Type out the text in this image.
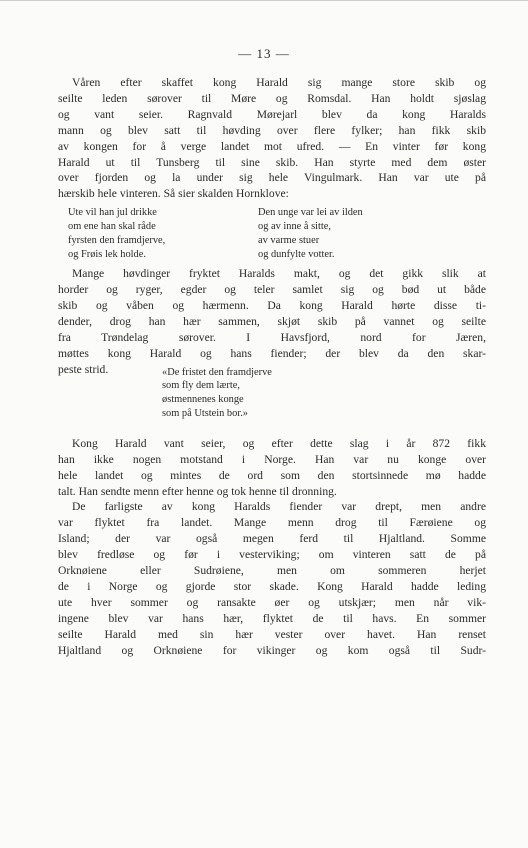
— 13 —
Våren efter skaffet kong Harald sig mange store skib og
seilte leden sørover til Møre og Romsdal. Han holdt sjøslag
og vant seier. Ragnvald Mørejarl blev da kong Haralds
mann og blev satt til høvding over flere fylker; han fikk skib
av kongen for å verge landet mot ufred. — En vinter før kong
Harald ut til Tunsberg til sine skib. Han styrte med dem øster
over fjorden og la under sig hele Vingulmark. Han var ute på
hærskib hele vinteren. Så sier skalden Hornklove:
Ute vil han jul drikke
om ene han skal råde
fyrsten den framdjerve,
og Frøis lek holde.
Den unge var lei av ilden
og av inne å sitte,
av varme stuer
og dunfylte votter.
Mange høvdinger fryktet Haralds makt, og det gikk slik at
horder og ryger, egder og teler samlet sig og bød ut både
skib og våben og hærmenn. Da kong Harald hørte disse ti-
dender, drog han hær sammen, skjøt skib på vannet og seilte
fra Trøndelag sørover. I Havsfjord, nord for Jæren,
møttes kong Harald og hans fiender; der blev da den skar-
peste strid.	«De fristet den framdjerve
som fly dem lærte,
østmennenes konge
som på Utstein bor.»
Kong Harald vant seier, og efter dette slag i år 872 fikk
han ikke nogen motstand i Norge. Han var nu konge over
hele landet og mintes de ord som den stortsinnede mø hadde
talt. Han sendte menn efter henne og tok henne til dronning.
De farligste av kong Haralds fiender var drept, men andre
var flyktet fra landet. Mange menn drog til Færøiene og
Island; der var også megen ferd til Hjaltland. Somme
blev fredløse og før i vesterviking; om vinteren satt de på
Orknøiene eller Sudrøiene, men om sommeren herjet
de i Norge og gjorde stor skade. Kong Harald hadde leding
ute hver sommer og ransakte øer og utskjær; men når vik-
ingene blev var hans hær, flyktet de til havs. En sommer
seilte Harald med sin hær vester over havet. Han renset
Hjaltland og Orknøiene for vikinger og kom også til Sudr-
